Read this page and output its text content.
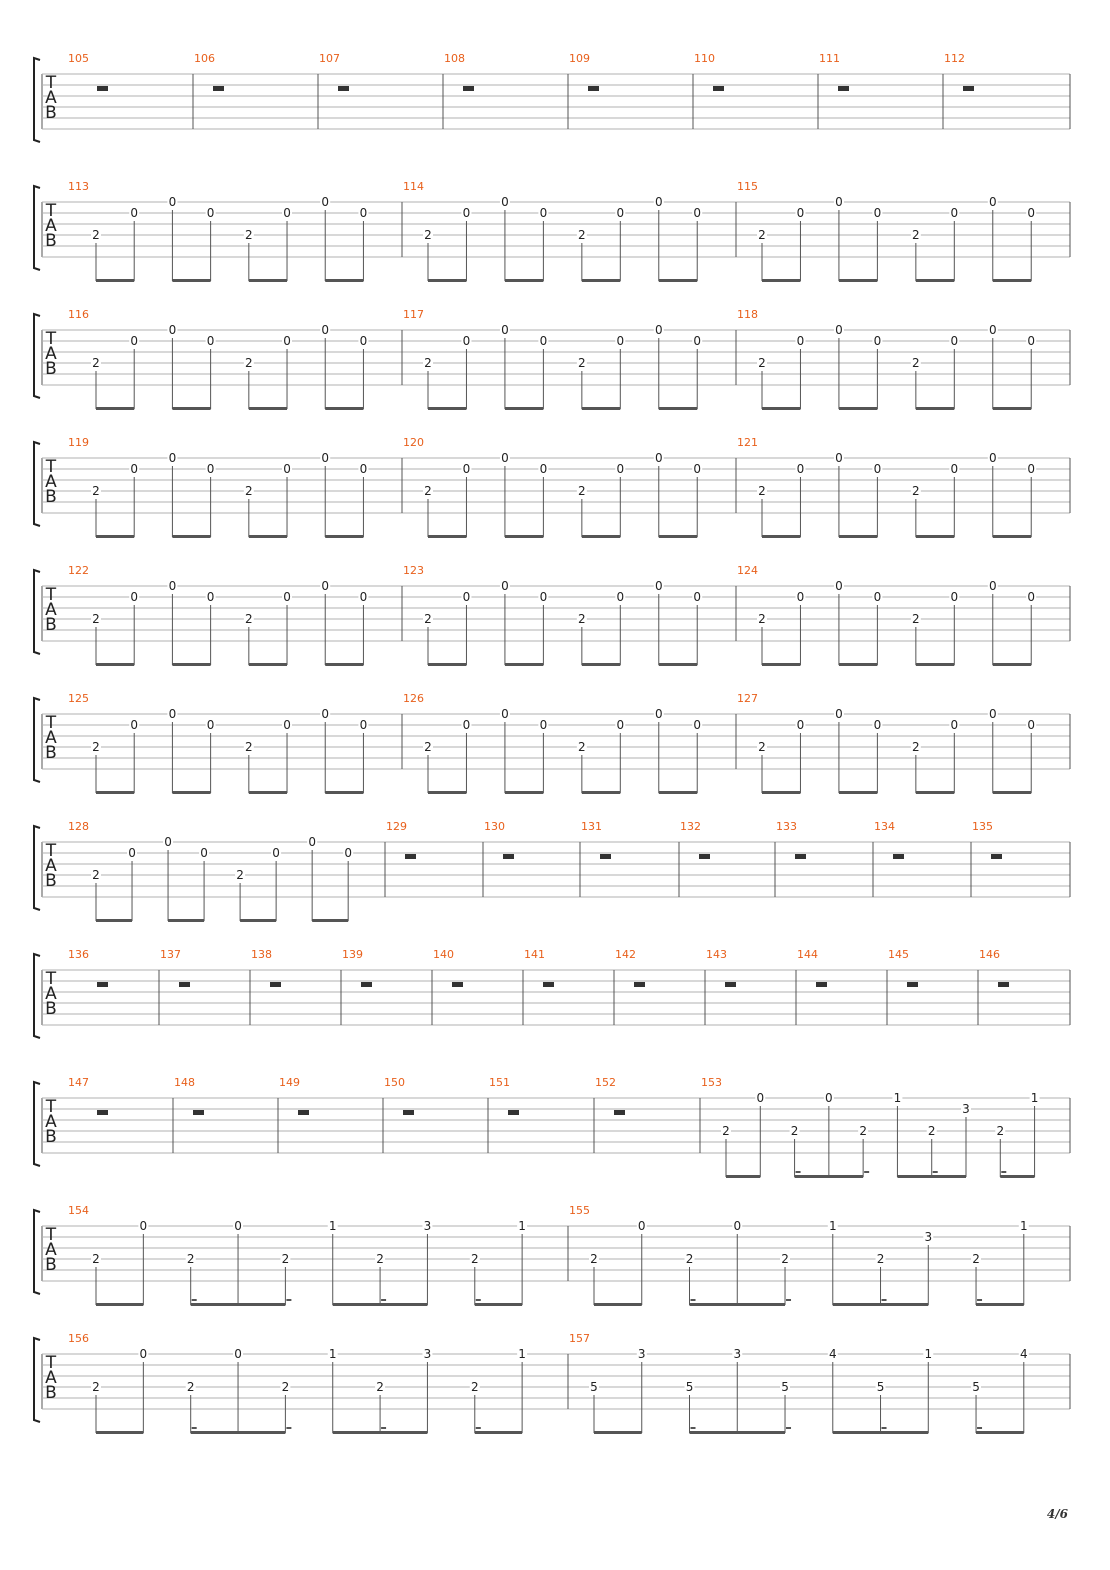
T
A
B
105	106	107	108	109	110	111	112
T
A
B
113
2
0
0
0
2
0
0
0
114
2
0
0
0
2
0
0
0
115
2
0
0
0
2
0
0
0
T
A
B
116
2
0
0
0
2
0
0
0
117
2
0
0
0
2
0
0
0
118
2
0
0
0
2
0
0
0
T
A
B
119
2
0
0
0
2
0
0
0
120
2
0
0
0
2
0
0
0
121
2
0
0
0
2
0
0
0
T
A
B
122
2
0
0
0
2
0
0
0
123
2
0
0
0
2
0
0
0
124
2
0
0
0
2
0
0
0
T
A
B
125
2
0
0
0
2
0
0
0
126
2
0
0
0
2
0
0
0
127
2
0
0
0
2
0
0
0
T
A
B
128
2
0
0
0
2
0
0
0
129	130	131	132	133	134	135
T
A
B
136	137	138	139	140	141	142	143	144	145	146
T
A
B
147	148	149	150	151	152	153
2
0
2
0
2
1
2
3
2
1
T
A
B
154
2
0
2
0
2
1
2
3
2
1
155
2
0
2
0
2
1
2
3
2
1
T
A
B
156
2
0
2
0
2
1
2
3
2
1
157
5
3
5
3
5
4
5
1
5
4
4/6
